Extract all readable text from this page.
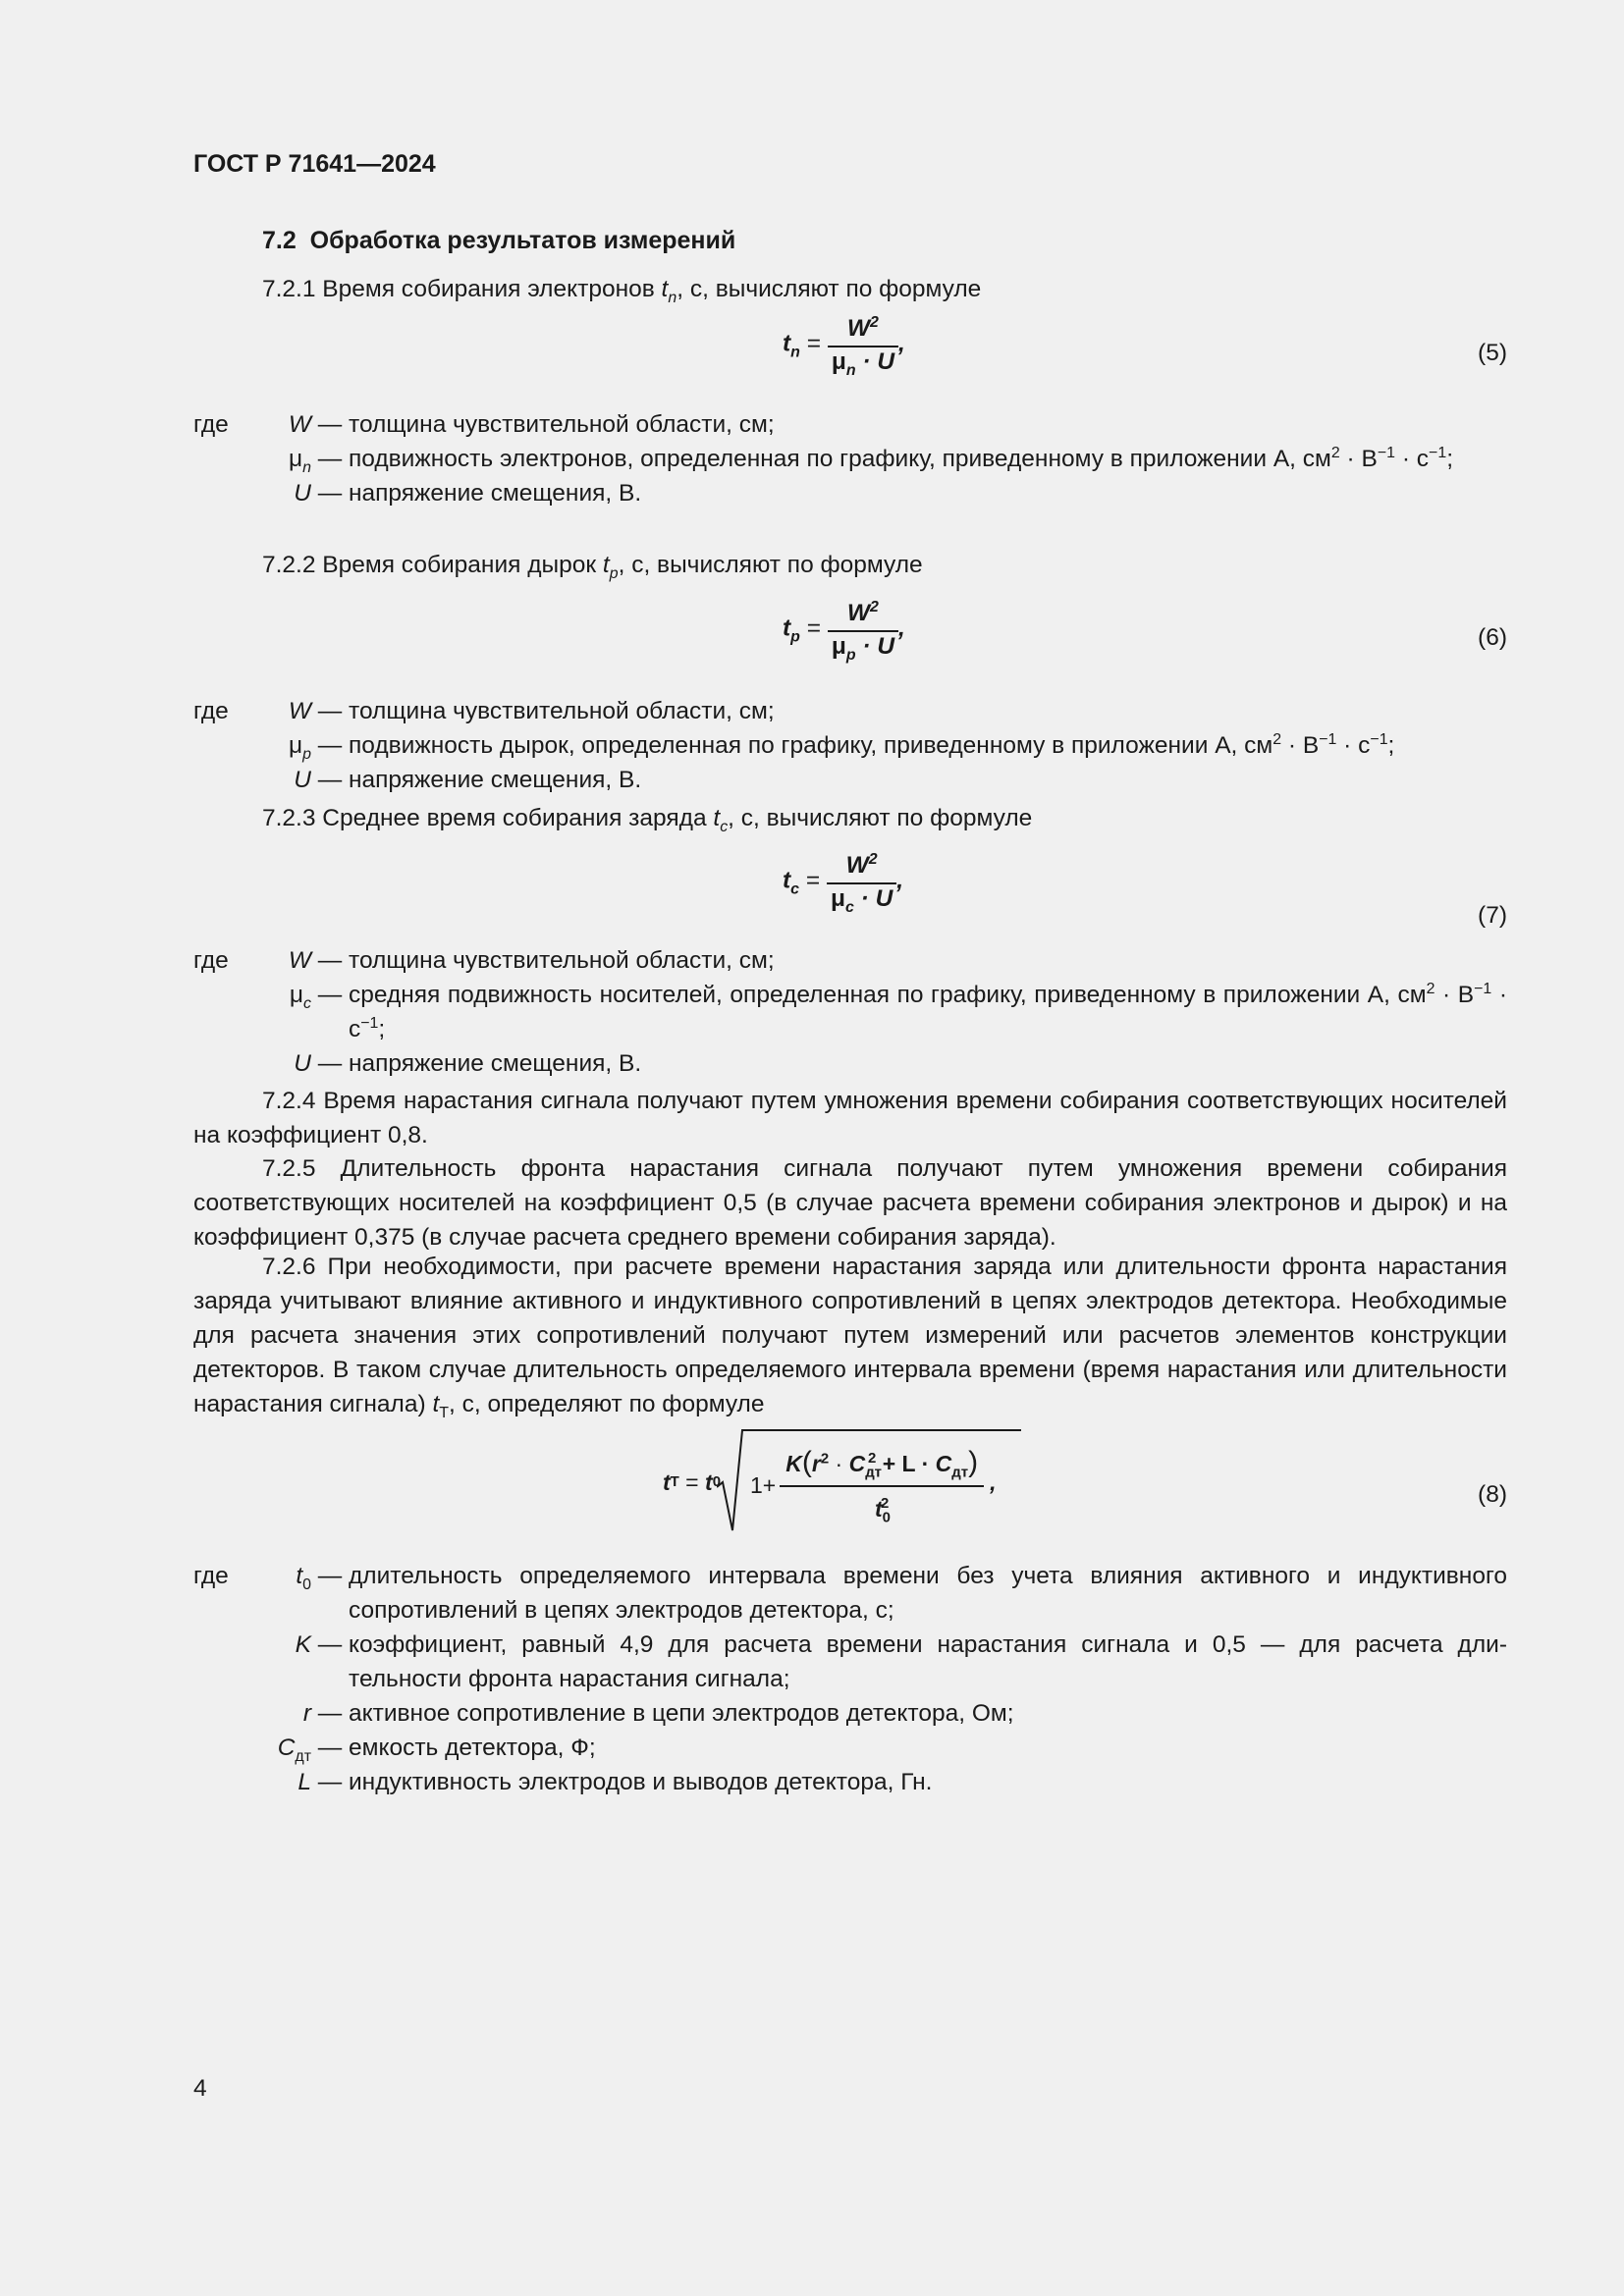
ГОСТ Р 71641—2024
7.2 Обработка результатов измерений
7.2.1 Время собирания электронов $t_n$, с, вычисляют по формуле
$t_n = \frac{W^2}{\mu_n \cdot U}$ ,	(5)
где	W — толщина чувствительной области, см;
$\mu_n$ — подвижность электронов, определенная по графику, приведенному в приложении А, $см^2 \cdot В^{-1} \cdot с^{-1}$;
U — напряжение смещения, В.
7.2.2 Время собирания дырок $t_p$, с, вычисляют по формуле
$t_p = \frac{W^2}{\mu_p \cdot U}$ ,	(6)
где	W — толщина чувствительной области, см;
$\mu_p$ — подвижность дырок, определенная по графику, приведенному в приложении А, $см^2 \cdot В^{-1} \cdot с^{-1}$;
U — напряжение смещения, В.
7.2.3 Среднее время собирания заряда $t_c$, с, вычисляют по формуле
$t_c = \frac{W^2}{\mu_c \cdot U}$ ,
(7)
где	W — толщина чувствительной области, см;
$\mu_c$ — средняя подвижность носителей, определенная по графику, приведенному в приложении А, $см^2 \cdot В^{-1} \cdot с^{-1}$;
U — напряжение смещения, В.
7.2.4 Время нарастания сигнала получают путем умножения времени собирания соответствующих носителей на коэффициент 0,8.
7.2.5 Длительность фронта нарастания сигнала получают путем умножения времени собирания соответствующих носителей на коэффициент 0,5 (в случае расчета времени собирания электронов и дырок) и на коэффициент 0,375 (в случае расчета среднего времени собирания заряда).
7.2.6 При необходимости, при расчете времени нарастания заряда или длительности фронта нарастания заряда учитывают влияние активного и индуктивного сопротивлений в цепях электродов детектора. Необходимые для расчета значения этих сопротивлений получают путем измерений или расчетов элементов конструкции детекторов. В таком случае длительность определяемого интервала времени (время нарастания или длительности нарастания сигнала) $t_Т$, с, определяют по формуле
t Т = t 0 $1+ \frac{K(r^2 \cdot C_{дт}^2 + L \cdot C_{дт})}{t_0^2}$ ,	(8)
где	$t_0$ — длительность определяемого интервала времени без учета влияния активного и индуктивного сопротивлений в цепях электродов детектора, с;
K — коэффициент, равный 4,9 для расчета времени нарастания сигнала и 0,5 — для расчета длительности фронта нарастания сигнала;
r — активное сопротивление в цепи электродов детектора, Ом;
$C_{дт}$ — емкость детектора, Ф;
L — индуктивность электродов и выводов детектора, Гн.
4
